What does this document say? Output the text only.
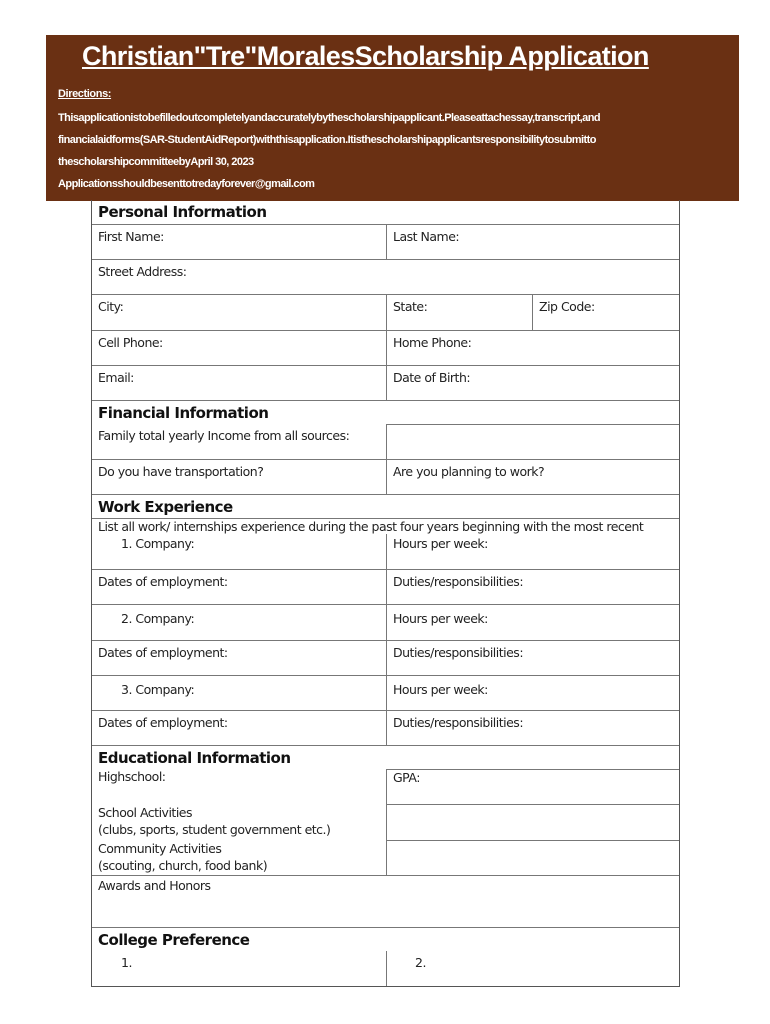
Christian"Tre"MoralesScholarship Application
Directions:
Thisapplicationistobefilledoutcompletelyandaccuratelybythescholarshipapplicant.Pleaseattachessay,transcript,and
financialaidforms(SAR-StudentAidReport)withthisapplication.Itisthescholarshipapplicantsresponsibilitytosubmitto
thescholarshipcommitteebyApril 30, 2023
Applicationsshouldbesenttotredayforever@gmail.com
Personal Information
First Name:	Last Name:
Street Address:
City:	State:	Zip Code:
Cell Phone:	Home Phone:
Email:	Date of Birth:
Financial Information
Family total yearly Income from all sources:
Do you have transportation?	Are you planning to work?
Work Experience
List all work/ internships experience during the past four years beginning with the most recent
1. Company:	Hours per week:
Dates of employment:	Duties/responsibilities:
2. Company:	Hours per week:
Dates of employment:	Duties/responsibilities:
3. Company:	Hours per week:
Dates of employment:	Duties/responsibilities:
Educational Information
Highschool:	GPA:
School Activities
(clubs, sports, student government etc.)
Community Activities
(scouting, church, food bank)
Awards and Honors
College Preference
1.	2.
